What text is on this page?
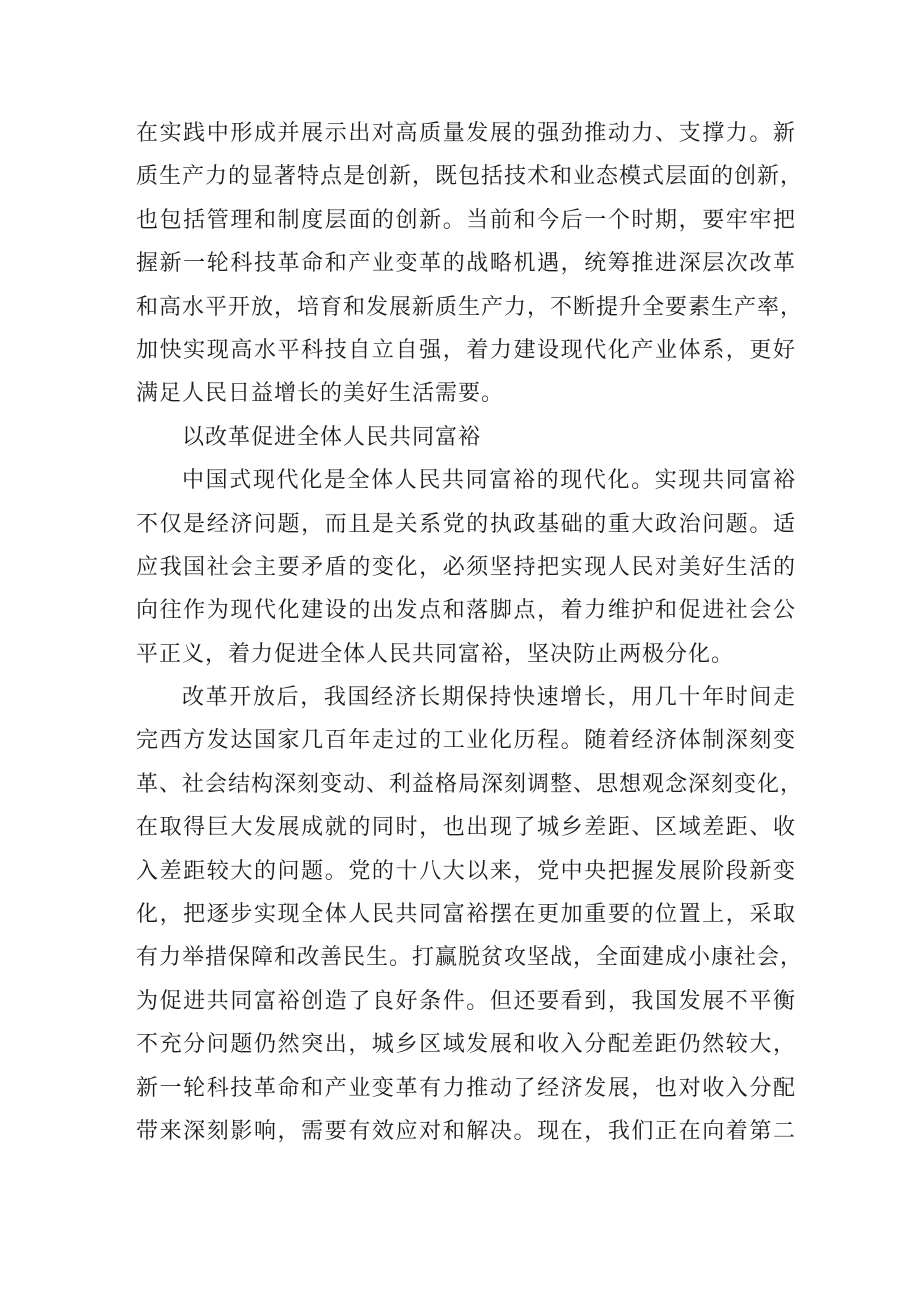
在实践中形成并展示出对高质量发展的强劲推动力、支撑力。新
质生产力的显著特点是创新，既包括技术和业态模式层面的创新，
也包括管理和制度层面的创新。当前和今后一个时期，要牢牢把
握新一轮科技革命和产业变革的战略机遇，统筹推进深层次改革
和高水平开放，培育和发展新质生产力，不断提升全要素生产率，
加快实现高水平科技自立自强，着力建设现代化产业体系，更好
满足人民日益增长的美好生活需要。

以改革促进全体人民共同富裕

中国式现代化是全体人民共同富裕的现代化。实现共同富裕
不仅是经济问题，而且是关系党的执政基础的重大政治问题。适
应我国社会主要矛盾的变化，必须坚持把实现人民对美好生活的
向往作为现代化建设的出发点和落脚点，着力维护和促进社会公
平正义，着力促进全体人民共同富裕，坚决防止两极分化。

改革开放后，我国经济长期保持快速增长，用几十年时间走
完西方发达国家几百年走过的工业化历程。随着经济体制深刻变
革、社会结构深刻变动、利益格局深刻调整、思想观念深刻变化，
在取得巨大发展成就的同时，也出现了城乡差距、区域差距、收
入差距较大的问题。党的十八大以来，党中央把握发展阶段新变
化，把逐步实现全体人民共同富裕摆在更加重要的位置上，采取
有力举措保障和改善民生。打赢脱贫攻坚战，全面建成小康社会，
为促进共同富裕创造了良好条件。但还要看到，我国发展不平衡
不充分问题仍然突出，城乡区域发展和收入分配差距仍然较大，
新一轮科技革命和产业变革有力推动了经济发展，也对收入分配
带来深刻影响，需要有效应对和解决。现在，我们正在向着第二
